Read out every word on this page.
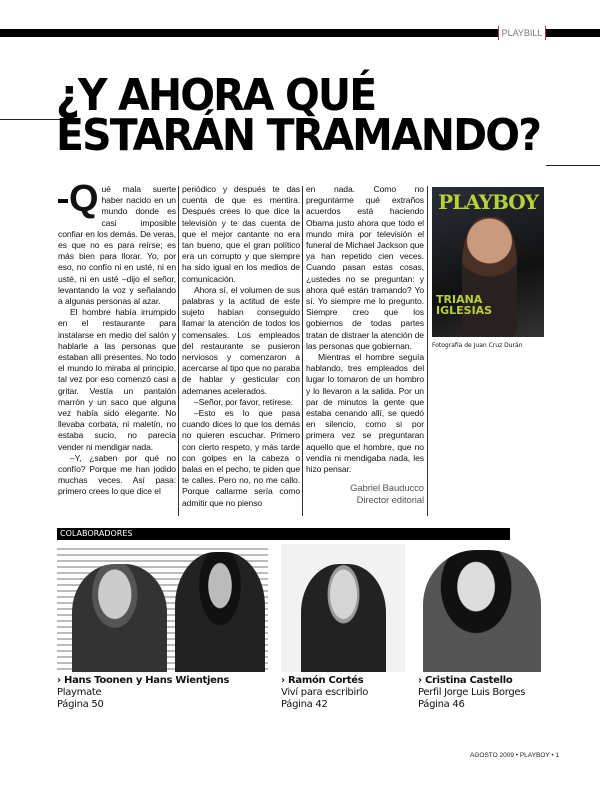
PLAYBILL
¿Y AHORA QUÉ
ESTARÁN TRAMANDO?

Qué mala suerte haber nacido en un mundo donde es casi imposible confiar en los demás. De veras, es que no es para reírse; es más bien para llorar. Yo, por eso, no confío ni en usté, ni en usté, ni en usté –dijo el señor, levantando la voz y señalando a algunas personas al azar.

El hombre había irrumpido en el restaurante para instalarse en medio del salón y hablarle a las personas que estaban allí presentes. No todo el mundo lo miraba al principio, tal vez por eso comenzó casi a gritar. Vestía un pantalón marrón y un saco que alguna vez había sido elegante. No llevaba corbata, ni maletín, no estaba sucio, no parecía vender ni mendigar nada.

–Y, ¿saben por qué no confío? Porque me han jodido muchas veces. Así pasa: primero crees lo que dice el

periódico y después te das cuenta de que es mentira. Después crees lo que dice la televisión y te das cuenta de que el mejor cantante no era tan bueno, que el gran político era un corrupto y que siempre ha sido igual en los medios de comunicación.

Ahora sí, el volumen de sus palabras y la actitud de este sujeto habían conseguido llamar la atención de todos los comensales. Los empleados del restaurante se pusieron nerviosos y comenzaron a acercarse al tipo que no paraba de hablar y gesticular con ademanes acelerados.

–Señor, por favor, retírese.

–Esto es lo que pasa cuando dices lo que los demás no quieren escuchar. Primero con cierto respeto, y más tarde con golpes en la cabeza o balas en el pecho, te piden que te calles. Pero no, no me callo. Porque callarme sería como admitir que no pienso

en nada. Como no preguntarme qué extraños acuerdos está haciendo Obama justo ahora que todo el mundo mira por televisión el funeral de Michael Jackson que ya han repetido cien veces. Cuando pasan estas cosas, ¿ustedes no se preguntan: y ahora qué están tramando? Yo sí. Yo siempre me lo pregunto. Siempre creo que los gobiernos de todas partes tratan de distraer la atención de las personas que gobiernan.

Mientras el hombre seguía hablando, tres empleados del lugar lo tomaron de un hombro y lo llevaron a la salida. Por un par de minutos la gente que estaba cenando allí, se quedó en silencio, como si por primera vez se preguntaran aquello que el hombre, que no vendía ni mendigaba nada, les hizo pensar.

Gabriel Bauducco
Director editorial
PLAYBOY
TRIANA IGLESIAS
Fotografía de Juan Cruz Durán
COLABORADORES
› Hans Toonen y Hans Wientjens
Playmate
Página 50
› Ramón Cortés
Viví para escribirlo
Página 42
› Cristina Castello
Perfil Jorge Luis Borges
Página 46
AGOSTO 2009 • PLAYBOY • 1
